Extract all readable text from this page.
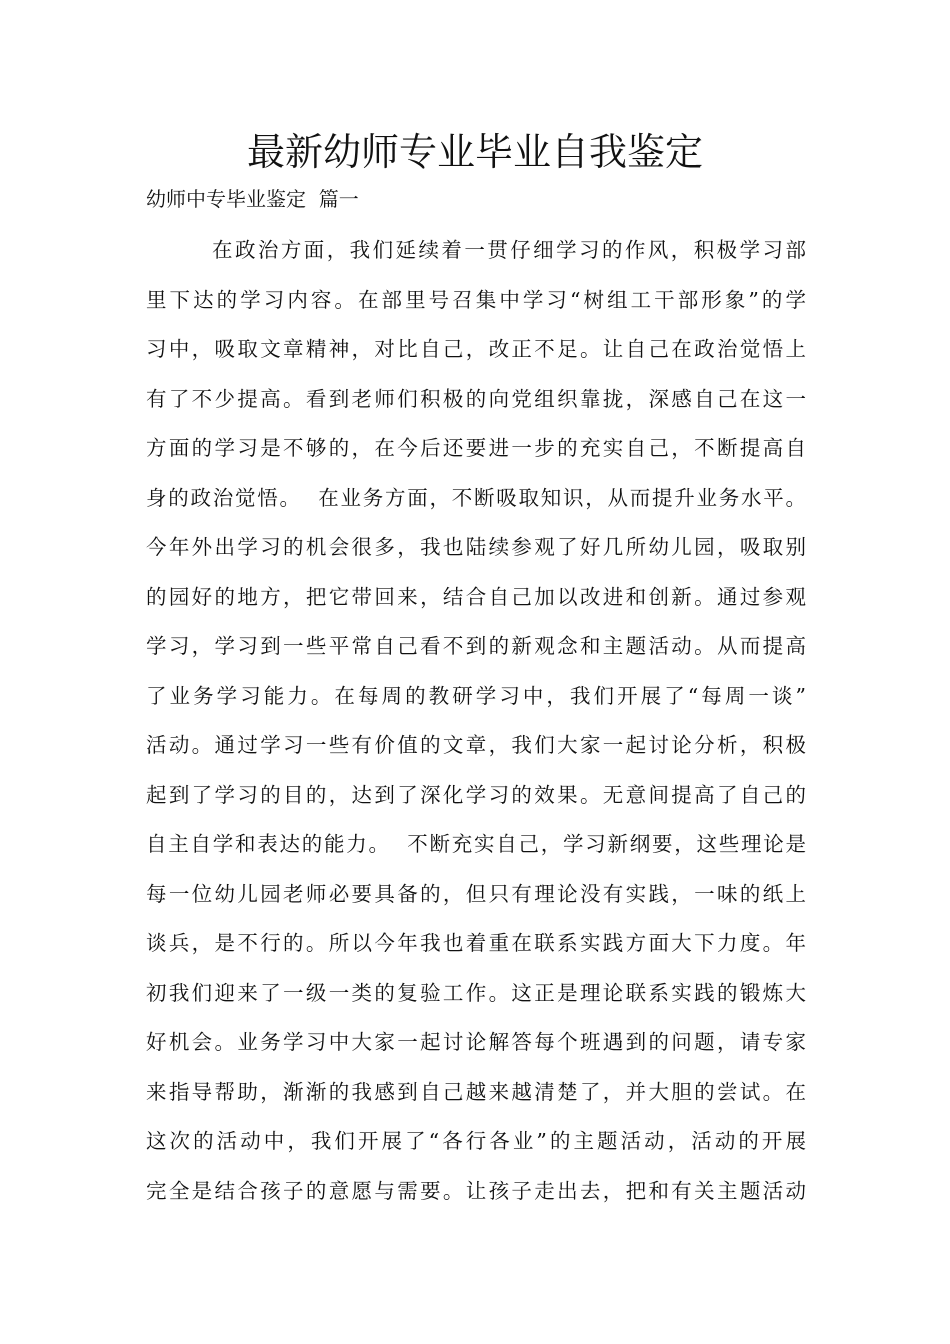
最新幼师专业毕业自我鉴定
幼师中专毕业鉴定  篇一
在政治方面，我们延续着一贯仔细学习的作风，积极学习部
里下达的学习内容。在部里号召集中学习“树组工干部形象”的学
习中，吸取文章精神，对比自己，改正不足。让自己在政治觉悟上
有了不少提高。看到老师们积极的向党组织靠拢，深感自己在这一
方面的学习是不够的，在今后还要进一步的充实自己，不断提高自
身的政治觉悟。  在业务方面，不断吸取知识，从而提升业务水平。
今年外出学习的机会很多，我也陆续参观了好几所幼儿园，吸取别
的园好的地方，把它带回来，结合自己加以改进和创新。通过参观
学习，学习到一些平常自己看不到的新观念和主题活动。从而提高
了业务学习能力。在每周的教研学习中，我们开展了“每周一谈”
活动。通过学习一些有价值的文章，我们大家一起讨论分析，积极
起到了学习的目的，达到了深化学习的效果。无意间提高了自己的
自主自学和表达的能力。  不断充实自己，学习新纲要，这些理论是
每一位幼儿园老师必要具备的，但只有理论没有实践，一味的纸上
谈兵，是不行的。所以今年我也着重在联系实践方面大下力度。年
初我们迎来了一级一类的复验工作。这正是理论联系实践的锻炼大
好机会。业务学习中大家一起讨论解答每个班遇到的问题，请专家
来指导帮助，渐渐的我感到自己越来越清楚了，并大胆的尝试。在
这次的活动中，我们开展了“各行各业”的主题活动，活动的开展
完全是结合孩子的意愿与需要。让孩子走出去，把和有关主题活动
